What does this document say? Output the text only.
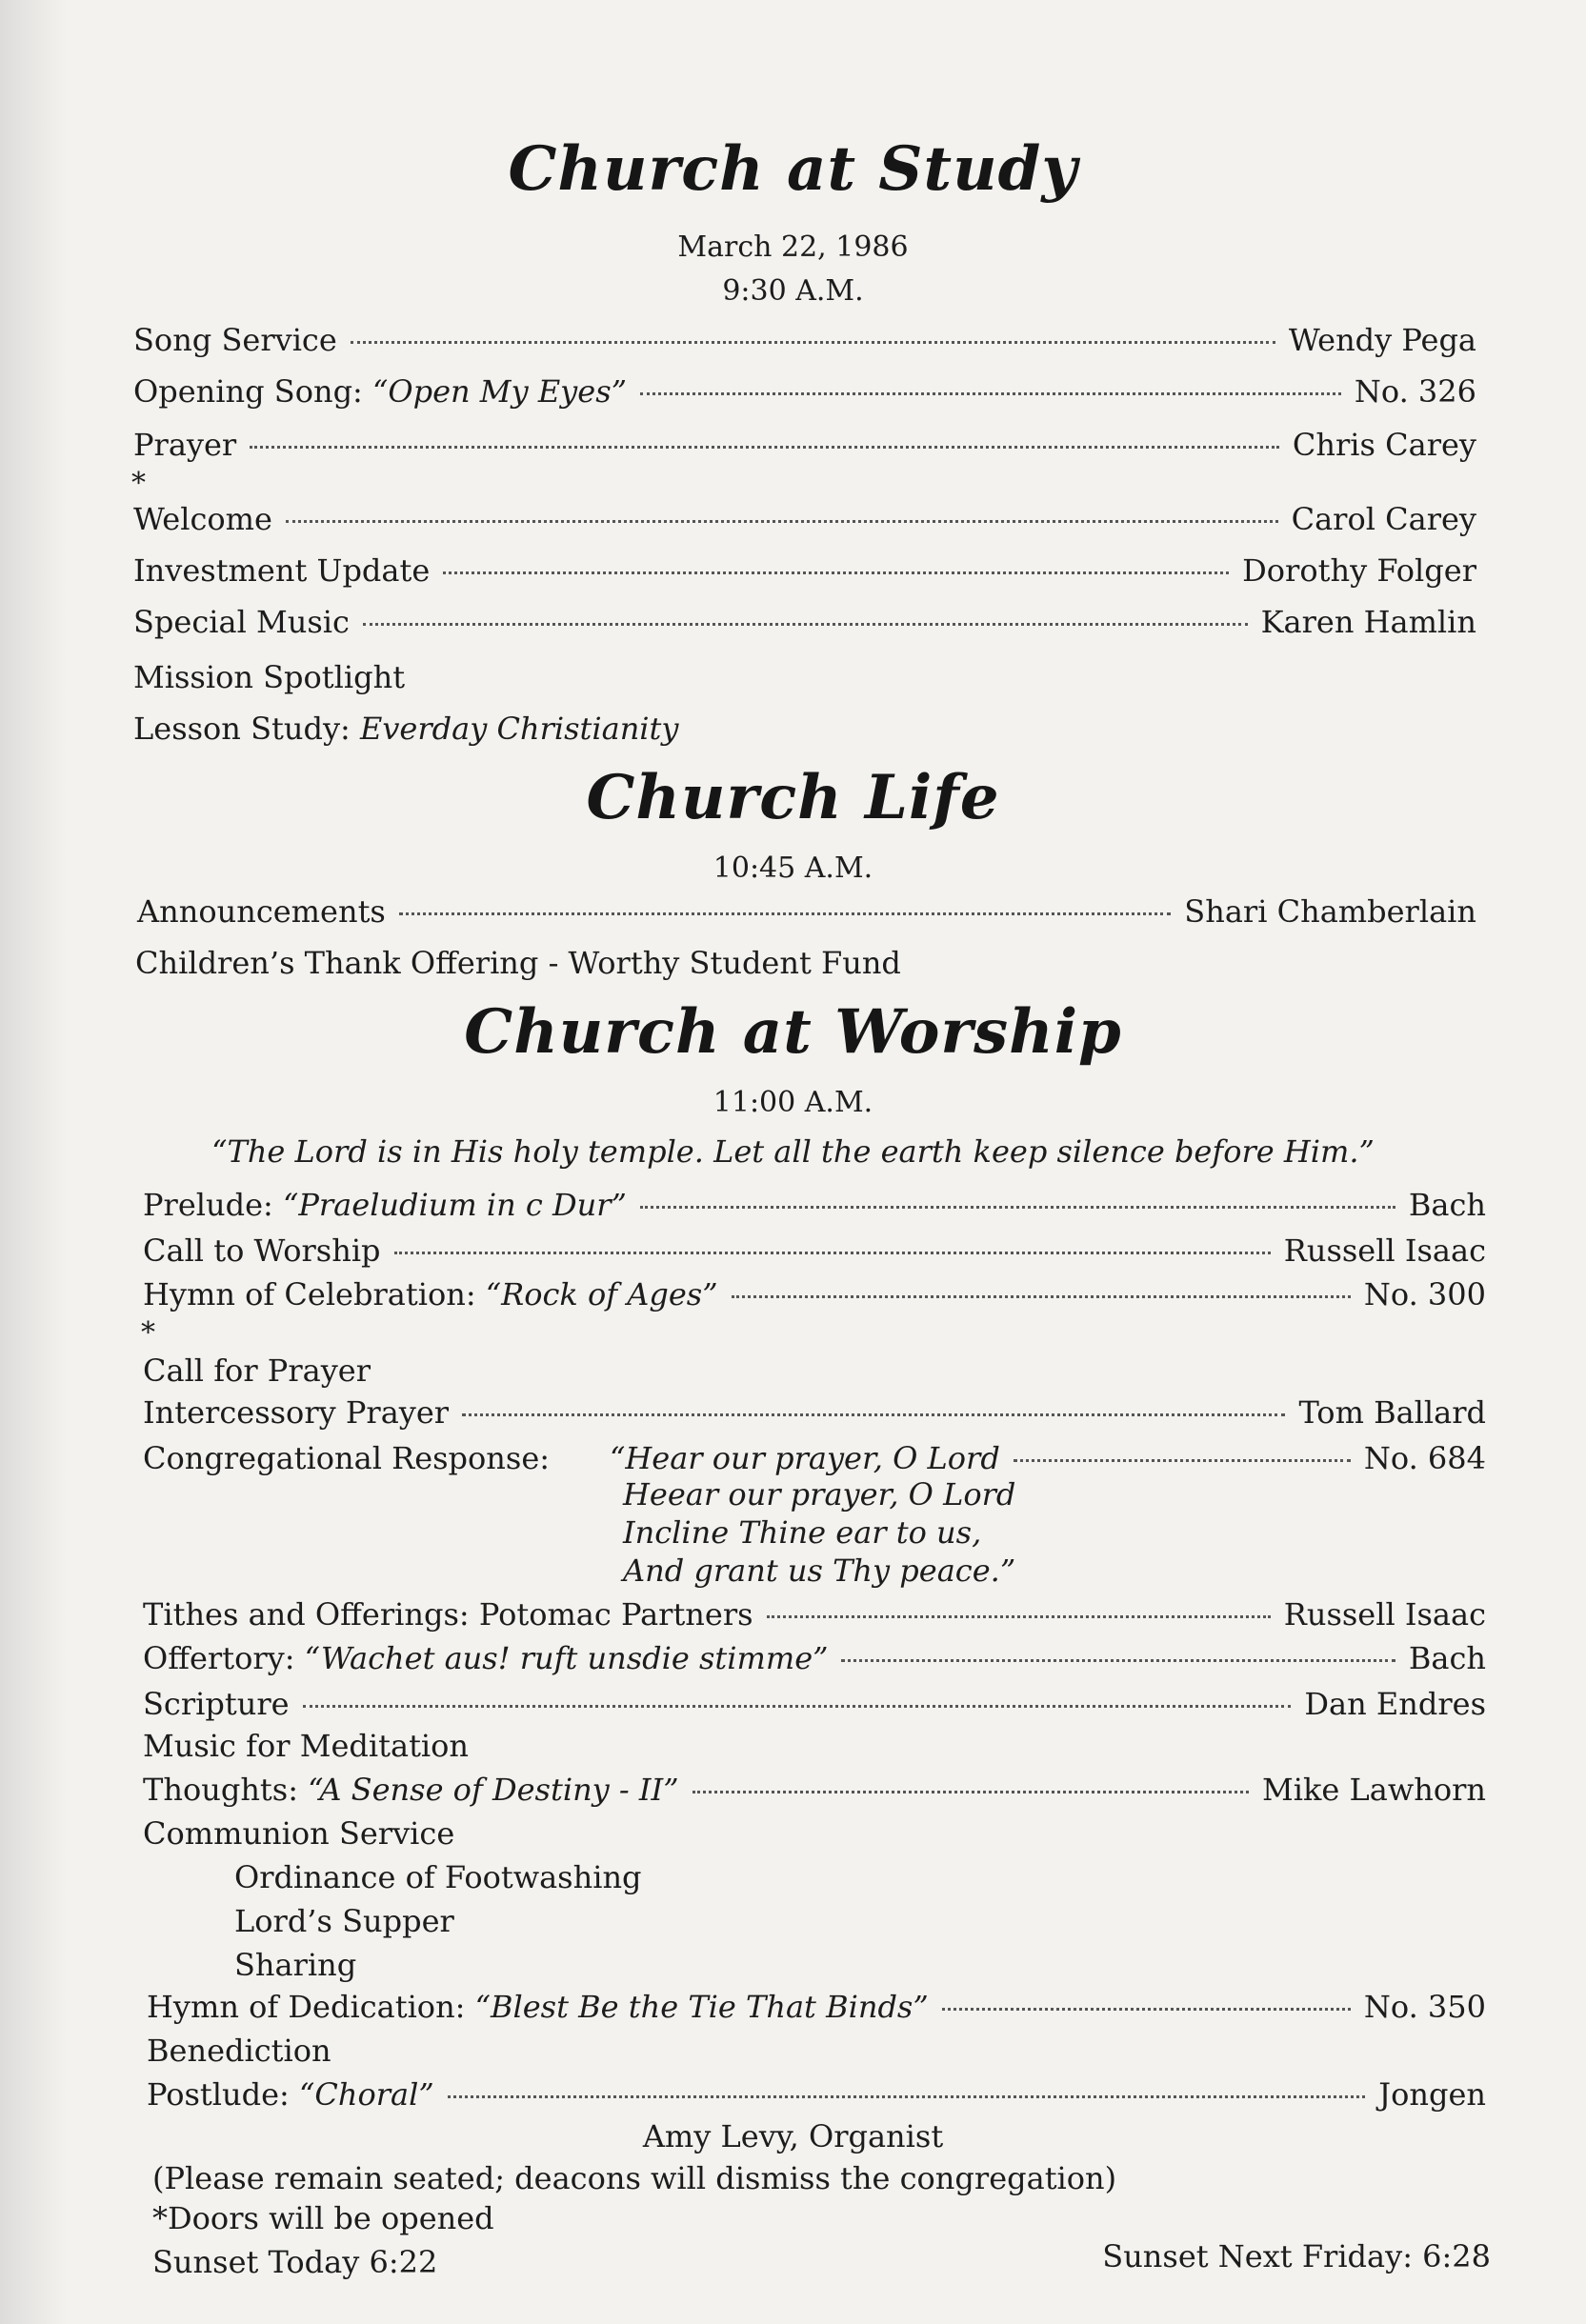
Church at Study

March 22, 1986

9:30 A.M.

Song Service	Wendy Pega
Opening Song: “Open My Eyes”	No. 326
Prayer	Chris Carey

*

Welcome	Carol Carey
Investment Update	Dorothy Folger
Special Music	Karen Hamlin

Mission Spotlight

Lesson Study: Everday Christianity

Church Life

10:45 A.M.

Announcements	Shari Chamberlain

Children’s Thank Offering - Worthy Student Fund

Church at Worship

11:00 A.M.

“The Lord is in His holy temple. Let all the earth keep silence before Him.”

Prelude: “Praeludium in c Dur”	Bach
Call to Worship	Russell Isaac
Hymn of Celebration: “Rock of Ages”	No. 300

*

Call for Prayer

Intercessory Prayer	Tom Ballard

Congregational Response: “Hear our prayer, O Lord	No. 684

Heear our prayer, O Lord

Incline Thine ear to us,

And grant us Thy peace.”

Tithes and Offerings: Potomac Partners	Russell Isaac
Offertory: “Wachet aus! ruft unsdie stimme”	Bach
Scripture	Dan Endres

Music for Meditation

Thoughts: “A Sense of Destiny - II”	Mike Lawhorn

Communion Service

Ordinance of Footwashing

Lord’s Supper

Sharing

Hymn of Dedication: “Blest Be the Tie That Binds”	No. 350

Benediction

Postlude: “Choral”	Jongen

Amy Levy, Organist

(Please remain seated; deacons will dismiss the congregation)

*Doors will be opened

Sunset Today 6:22	Sunset Next Friday: 6:28
